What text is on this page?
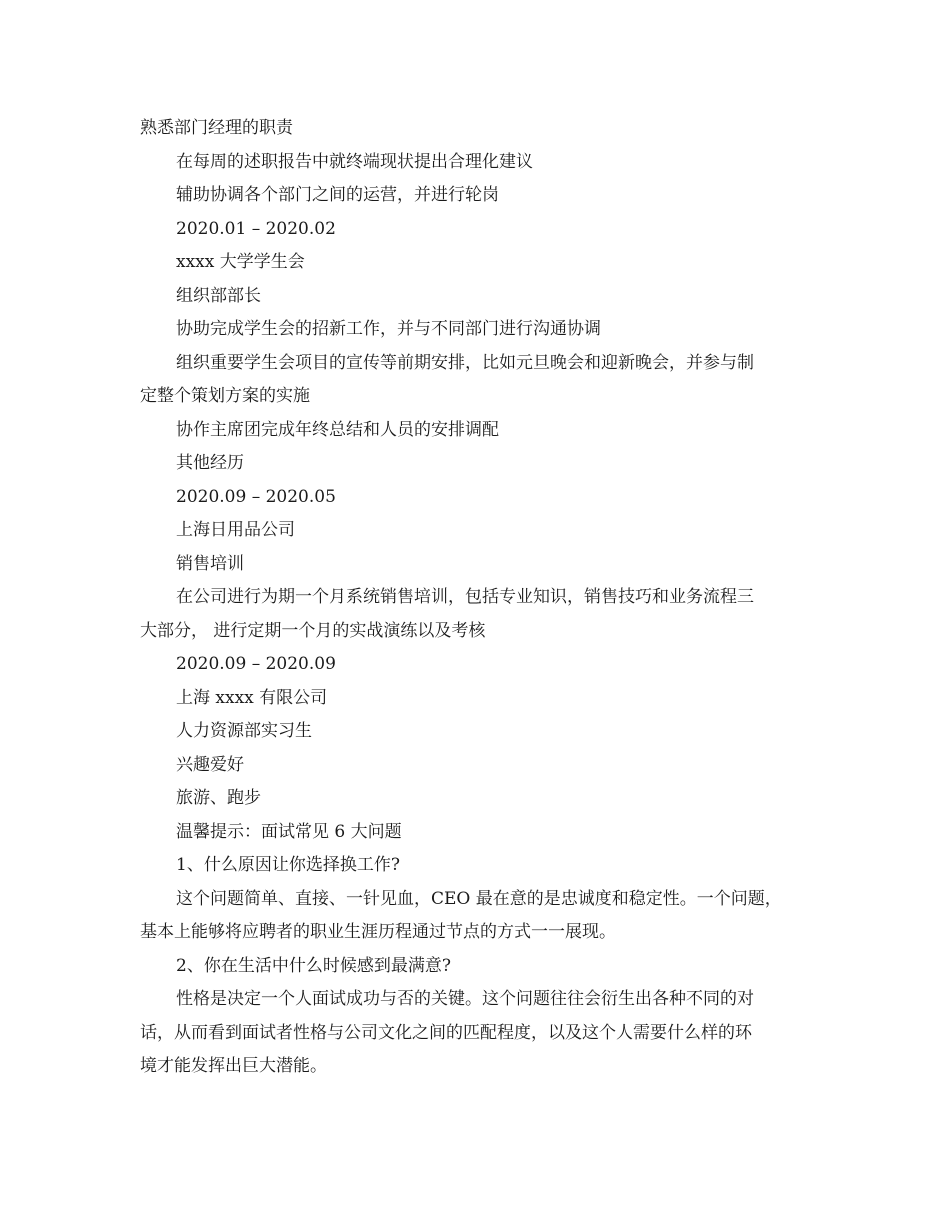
熟悉部门经理的职责
在每周的述职报告中就终端现状提出合理化建议
辅助协调各个部门之间的运营，并进行轮岗
2020.01 – 2020.02
xxxx 大学学生会
组织部部长
协助完成学生会的招新工作，并与不同部门进行沟通协调
组织重要学生会项目的宣传等前期安排，比如元旦晚会和迎新晚会，并参与制
定整个策划方案的实施
协作主席团完成年终总结和人员的安排调配
其他经历
2020.09 – 2020.05
上海日用品公司
销售培训
在公司进行为期一个月系统销售培训，包括专业知识，销售技巧和业务流程三
大部分， 进行定期一个月的实战演练以及考核
2020.09 – 2020.09
上海 xxxx 有限公司
人力资源部实习生
兴趣爱好
旅游、跑步
温馨提示：面试常见 6 大问题
1、什么原因让你选择换工作?
这个问题简单、直接、一针见血，CEO 最在意的是忠诚度和稳定性。一个问题，
基本上能够将应聘者的职业生涯历程通过节点的方式一一展现。
2、你在生活中什么时候感到最满意?
性格是决定一个人面试成功与否的关键。这个问题往往会衍生出各种不同的对
话，从而看到面试者性格与公司文化之间的匹配程度，以及这个人需要什么样的环
境才能发挥出巨大潜能。
